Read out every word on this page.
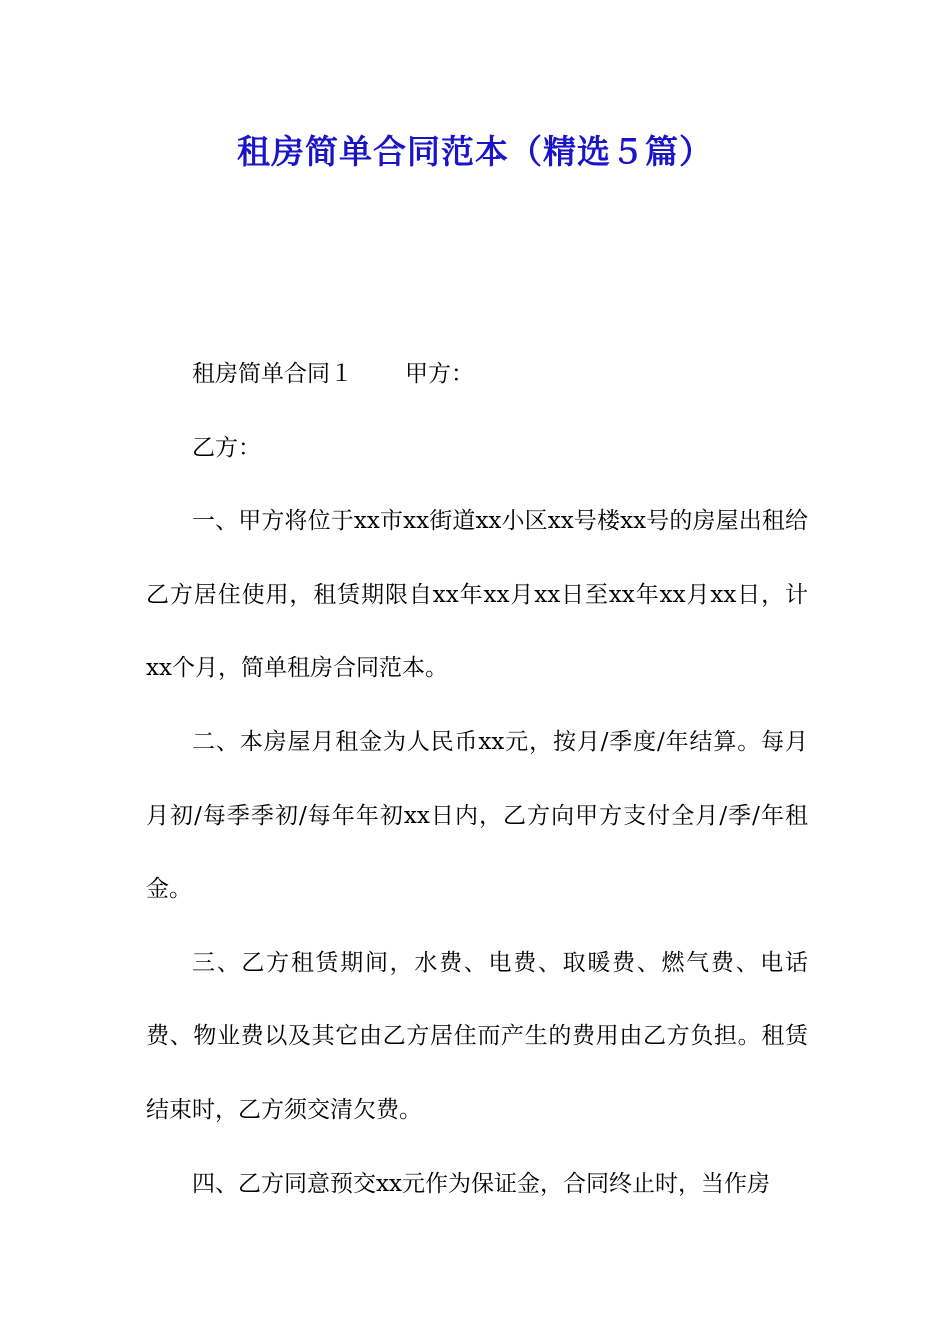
租房简单合同范本（精选５篇）

租房简单合同１ 甲方：

乙方：

一、甲方将位于xx市xx街道xx小区xx号楼xx号的房屋出租给乙方居住使用，租赁期限自xx年xx月xx日至xx年xx月xx日，计xx个月，简单租房合同范本。

二、本房屋月租金为人民币xx元，按月/季度/年结算。每月月初/每季季初/每年年初xx日内，乙方向甲方支付全月/季/年租金。

三、乙方租赁期间，水费、电费、取暖费、燃气费、电话费、物业费以及其它由乙方居住而产生的费用由乙方负担。租赁结束时，乙方须交清欠费。

四、乙方同意预交xx元作为保证金，合同终止时，当作房
